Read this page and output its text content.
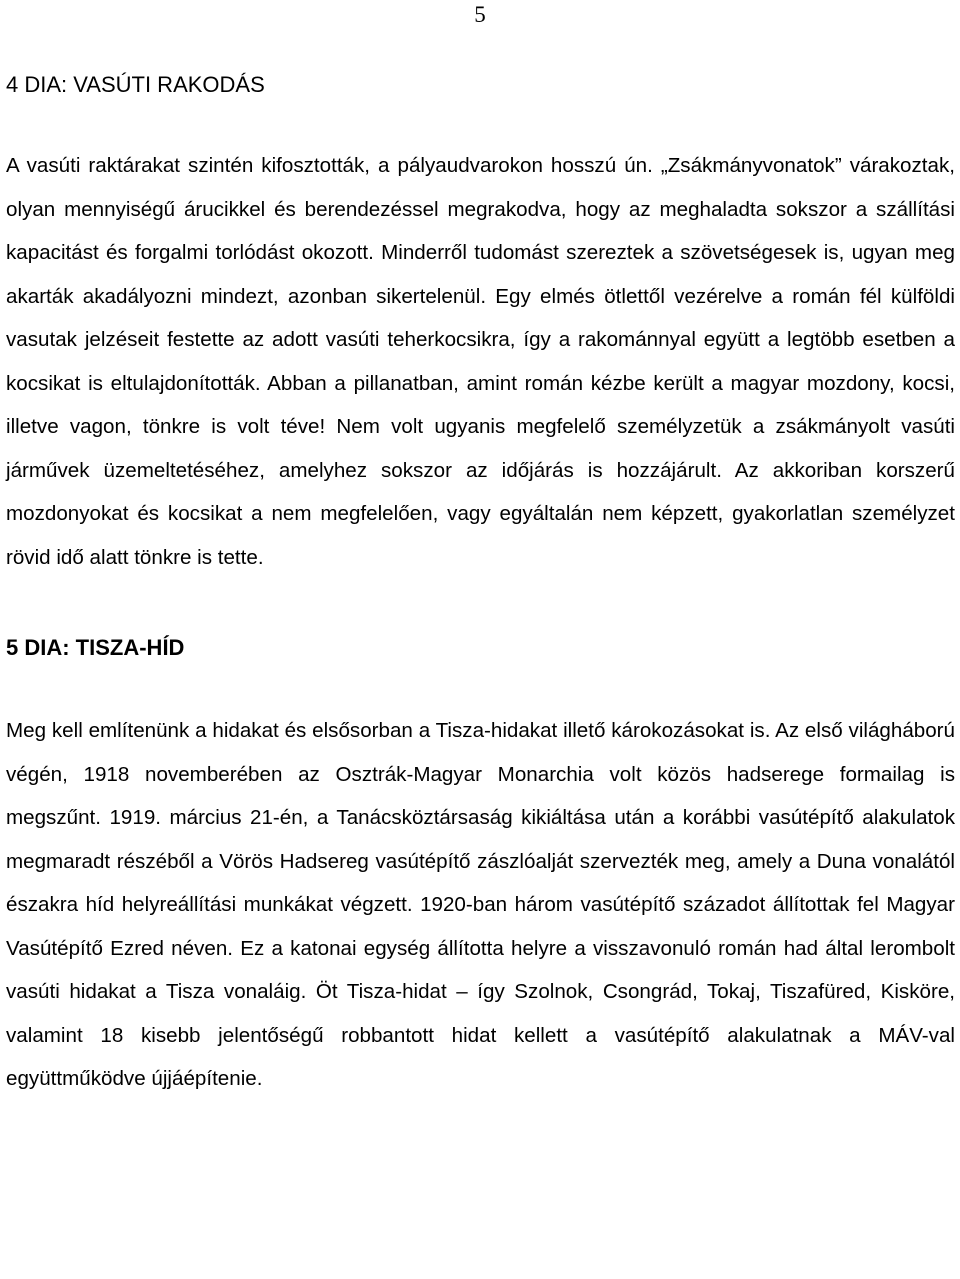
5
4 DIA: VASÚTI RAKODÁS

A vasúti raktárakat szintén kifosztották, a pályaudvarokon hosszú ún. „Zsákmányvonatok” várakoztak, olyan mennyiségű árucikkel és berendezéssel megrakodva, hogy az meghaladta sokszor a szállítási kapacitást és forgalmi torlódást okozott. Minderről tudomást szereztek a szövetségesek is, ugyan meg akarták akadályozni mindezt, azonban sikertelenül. Egy elmés ötlettől vezérelve a román fél külföldi vasutak jelzéseit festette az adott vasúti teherkocsikra, így a rakománnyal együtt a legtöbb esetben a kocsikat is eltulajdonították. Abban a pillanatban, amint román kézbe került a magyar mozdony, kocsi, illetve vagon, tönkre is volt téve! Nem volt ugyanis megfelelő személyzetük a zsákmányolt vasúti járművek üzemeltetéséhez, amelyhez sokszor az időjárás is hozzájárult. Az akkoriban korszerű mozdonyokat és kocsikat a nem megfelelően, vagy egyáltalán nem képzett, gyakorlatlan személyzet rövid idő alatt tönkre is tette.

5 DIA: TISZA-HÍD

Meg kell említenünk a hidakat és elsősorban a Tisza-hidakat illető károkozásokat is. Az első világháború végén, 1918 novemberében az Osztrák-Magyar Monarchia volt közös hadserege formailag is megszűnt. 1919. március 21-én, a Tanácsköztársaság kikiáltása után a korábbi vasútépítő alakulatok megmaradt részéből a Vörös Hadsereg vasútépítő zászlóalját szervezték meg, amely a Duna vonalától északra híd helyreállítási munkákat végzett. 1920-ban három vasútépítő századot állítottak fel Magyar Vasútépítő Ezred néven. Ez a katonai egység állította helyre a visszavonuló román had által lerombolt vasúti hidakat a Tisza vonaláig. Öt Tisza-hidat – így Szolnok, Csongrád, Tokaj, Tiszafüred, Kisköre, valamint 18 kisebb jelentőségű robbantott hidat kellett a vasútépítő alakulatnak a MÁV-val együttműködve újjáépítenie.
